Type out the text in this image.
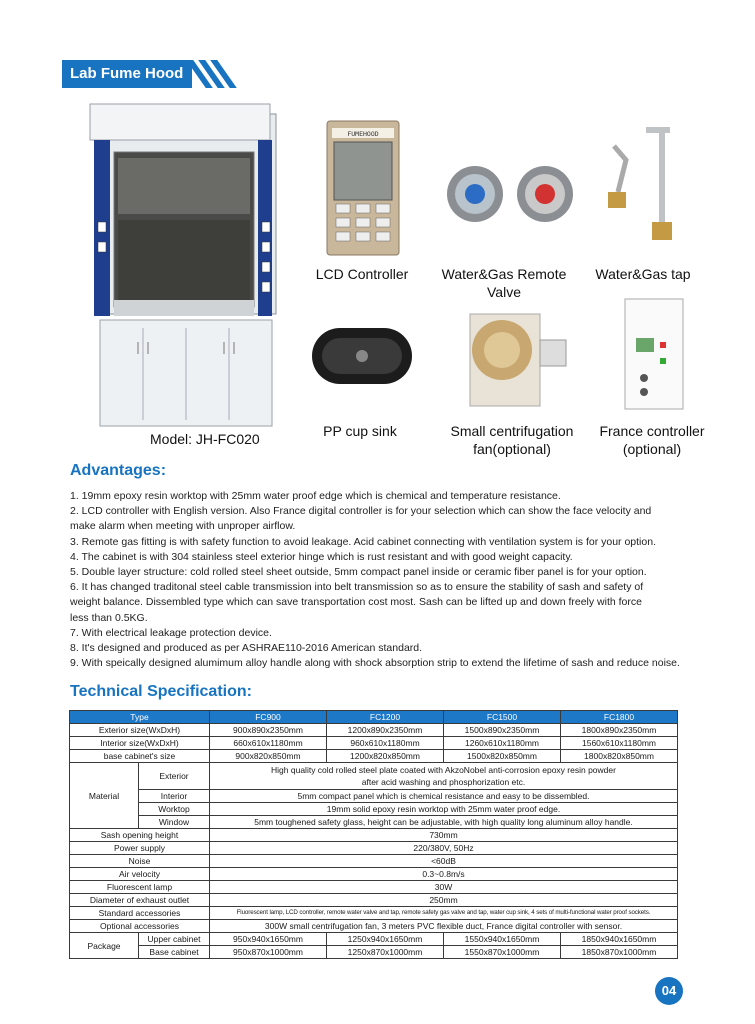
Lab Fume Hood
Model: JH-FC020
FUMEHOOD
LCD Controller	Water&Gas Remote Valve
Water&Gas tap
PP cup sink	Small centrifugation
fan(optional)
France controller
(optional)
Advantages:
1. 19mm epoxy resin worktop with 25mm water proof edge which is chemical and temperature resistance.
2. LCD controller with English version. Also France digital controller is for your selection which can show the face velocity and
make alarm when meeting with unproper airflow.
3. Remote gas fitting is with safety function to avoid leakage. Acid cabinet connecting with ventilation system is for your option.
4. The cabinet is with 304 stainless steel exterior hinge which is rust resistant and with good weight capacity.
5. Double layer structure: cold rolled steel sheet outside, 5mm compact panel inside or ceramic fiber panel is for your option.
6. It has changed traditonal steel cable transmission into belt transmission so as to ensure the stability of sash and safety of
weight balance. Dissembled type which can save transportation cost most. Sash can be lifted up and down freely with force
less than 0.5KG.
7. With electrical leakage protection device.
8. It's designed and produced as per ASHRAE110-2016 American standard.
9. With speically designed alumimum alloy handle along with shock absorption strip to extend the lifetime of sash and reduce noise.
Technical Specification:
Type		FC900	FC1200	FC1500	FC1800
Exterior size(WxDxH)		900x890x2350mm	1200x890x2350mm	1500x890x2350mm	1800x890x2350mm
Interior size(WxDxH)		660x610x1180mm	960x610x1180mm	1260x610x1180mm	1560x610x1180mm
base cabinet's size		900x820x850mm	1200x820x850mm	1500x820x850mm	1800x820x850mm
Material	Exterior	High quality cold rolled steel plate coated with AkzoNobel anti-corrosion epoxy resin powder
after acid washing and phosphorization etc.			

	Interior	5mm compact panel which is chemical resistance and easy to be dissembled.			
	Worktop	19mm solid epoxy resin worktop with 25mm water proof edge.			
	Window	5mm toughened safety glass, height can be adjustable, with high quality long aluminum alloy handle.			
Sash opening height		730mm			
Power supply		220/380V, 50Hz			
Noise		<60dB			
Air velocity		0.3~0.8m/s			
Fluorescent lamp		30W			
Diameter of exhaust outlet		250mm			
Standard accessories		Fluorescent lamp, LCD controller, remote water valve and tap, remote safety gas valve and tap, water cup sink, 4 sets of multi-functional water proof sockets.			
Optional accessories		300W small centrifugation fan, 3 meters PVC flexible duct, France digital controller with sensor.			
Package	Upper cabinet	950x940x1650mm	1250x940x1650mm	1550x940x1650mm	1850x940x1650mm
	Base cabinet	950x870x1000mm	1250x870x1000mm	1550x870x1000mm	1850x870x1000mm
04
